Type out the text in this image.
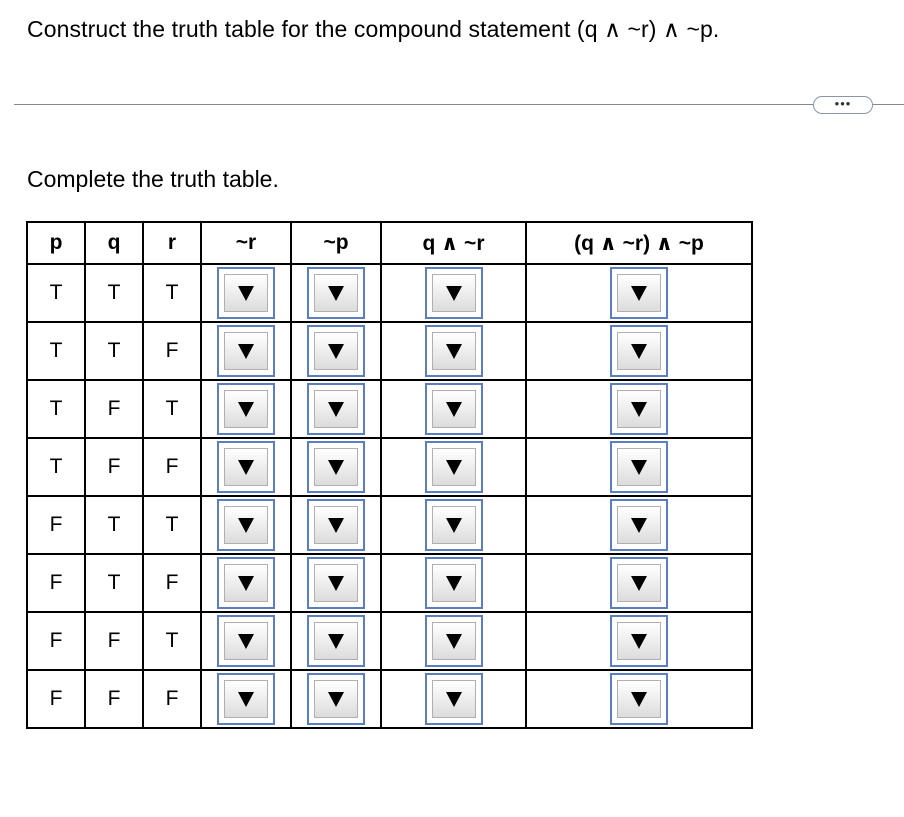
Construct the truth table for the compound statement (q ∧ ~r) ∧ ~p.
•••
Complete the truth table.
p	q	r	~r	~p	q ∧ ~r	(q ∧ ~r) ∧ ~p
T	T	T	

T	T	F	

T	F	T	

T	F	F	

F	T	T	

F	T	F	

F	F	T	

F	F	F	
